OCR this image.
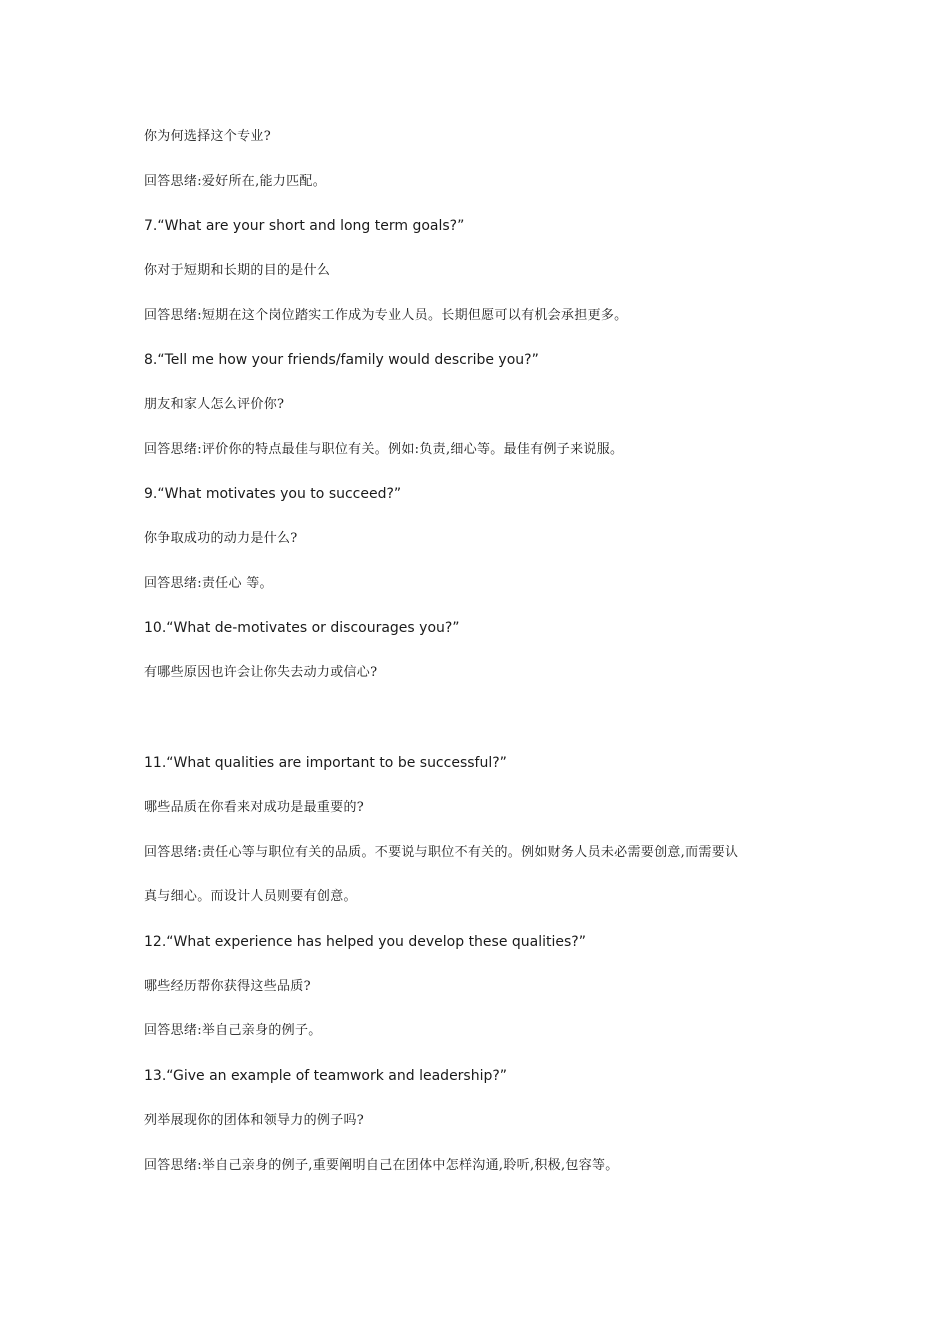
你为何选择这个专业?
回答思绪:爱好所在,能力匹配。
7.“What are your short and long term goals?”
你对于短期和长期的目的是什么
回答思绪:短期在这个岗位踏实工作成为专业人员。长期但愿可以有机会承担更多。
8.“Tell me how your friends/family would describe you?”
朋友和家人怎么评价你?
回答思绪:评价你的特点最佳与职位有关。例如:负责,细心等。最佳有例子来说服。
9.“What motivates you to succeed?”
你争取成功的动力是什么?
回答思绪:责任心 等。
10.“What de-motivates or discourages you?”
有哪些原因也许会让你失去动力或信心?
11.“What qualities are important to be successful?”
哪些品质在你看来对成功是最重要的?
回答思绪:责任心等与职位有关的品质。不要说与职位不有关的。例如财务人员未必需要创意,而需要认
真与细心。而设计人员则要有创意。
12.“What experience has helped you develop these qualities?”
哪些经历帮你获得这些品质?
回答思绪:举自己亲身的例子。
13.“Give an example of teamwork and leadership?”
列举展现你的团体和领导力的例子吗?
回答思绪:举自己亲身的例子,重要阐明自己在团体中怎样沟通,聆听,积极,包容等。
